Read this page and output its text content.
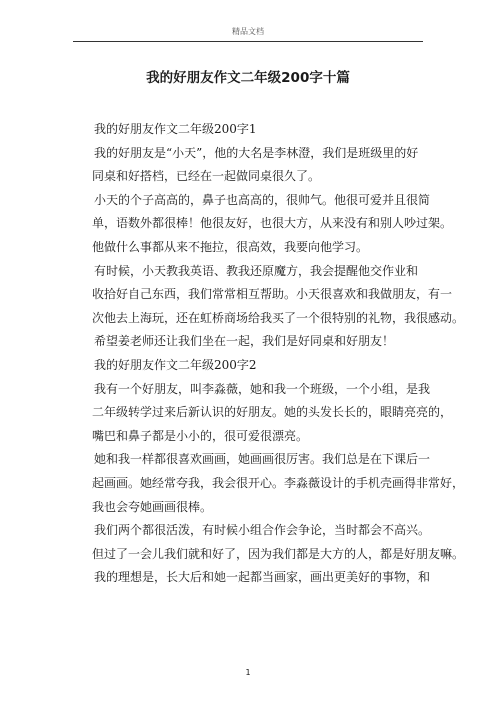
精品文档
我的好朋友作文二年级200字十篇
我的好朋友作文二年级200字1
我的好朋友是“小天”，他的大名是李林澄，我们是班级里的好
同桌和好搭档，已经在一起做同桌很久了。
小天的个子高高的，鼻子也高高的，很帅气。他很可爱并且很简
单，语数外都很棒！他很友好，也很大方，从来没有和别人吵过架。
他做什么事都从来不拖拉，很高效，我要向他学习。
有时候，小天教我英语、教我还原魔方，我会提醒他交作业和
收拾好自己东西，我们常常相互帮助。小天很喜欢和我做朋友，有一
次他去上海玩，还在虹桥商场给我买了一个很特别的礼物，我很感动。
希望姜老师还让我们坐在一起，我们是好同桌和好朋友！
我的好朋友作文二年级200字2
我有一个好朋友，叫李淼薇，她和我一个班级，一个小组，是我
二年级转学过来后新认识的好朋友。她的头发长长的，眼睛亮亮的，
嘴巴和鼻子都是小小的，很可爱很漂亮。
她和我一样都很喜欢画画，她画画很厉害。我们总是在下课后一
起画画。她经常夸我，我会很开心。李淼薇设计的手机壳画得非常好，
我也会夸她画画很棒。
我们两个都很活泼，有时候小组合作会争论，当时都会不高兴。
但过了一会儿我们就和好了，因为我们都是大方的人，都是好朋友嘛。
我的理想是，长大后和她一起都当画家，画出更美好的事物，和
1
